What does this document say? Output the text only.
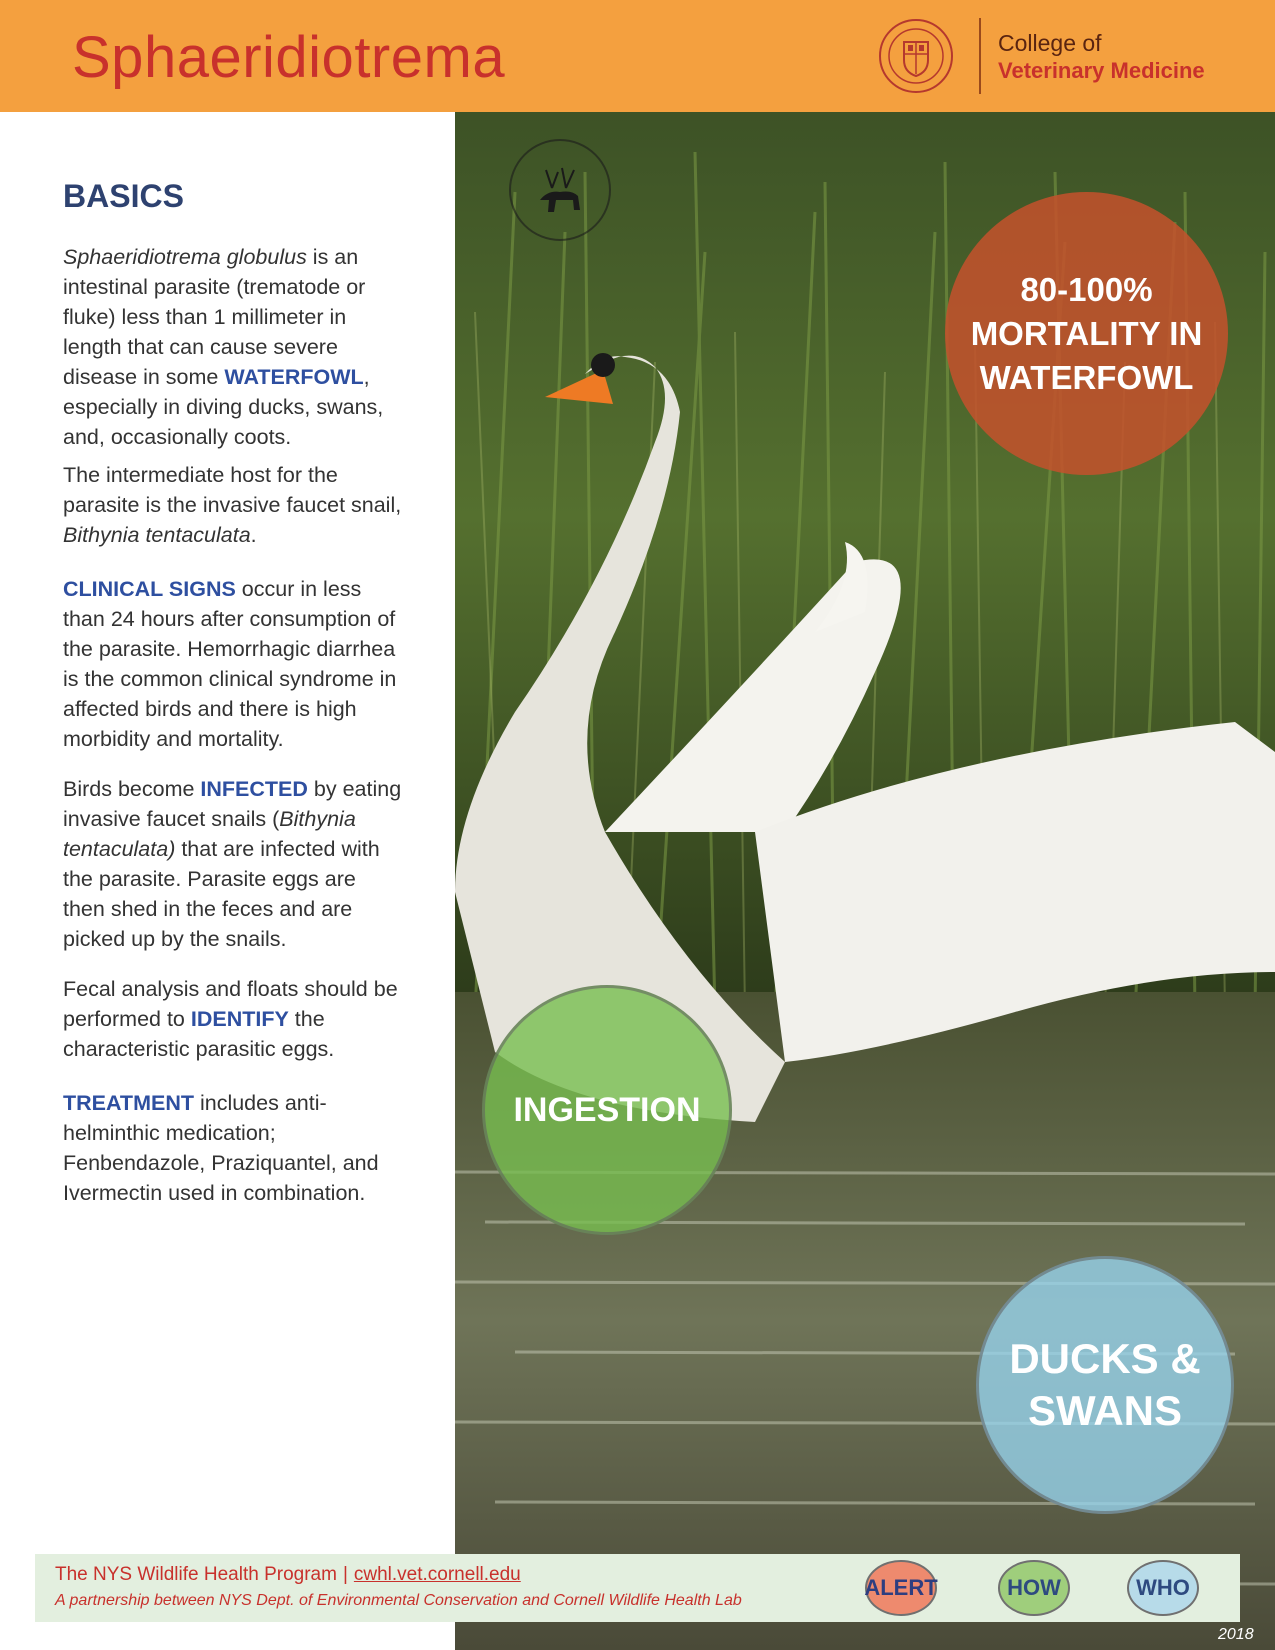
Sphaeridiotrema	College of
Veterinary Medicine
80-100% MORTALITY IN WATERFOWL
INGESTION
DUCKS & SWANS
BASICS

Sphaeridiotrema globulus is an intestinal parasite (trematode or fluke) less than 1 millimeter in length that can cause severe disease in some WATERFOWL, especially in diving ducks, swans, and, occasionally coots.

The intermediate host for the parasite is the invasive faucet snail, Bithynia tentaculata.

CLINICAL SIGNS occur in less than 24 hours after consumption of the parasite. Hemorrhagic diarrhea is the common clinical syndrome in affected birds and there is high morbidity and mortality.

Birds become INFECTED by eating invasive faucet snails (Bithynia tentaculata) that are infected with the parasite. Parasite eggs are then shed in the feces and are picked up by the snails.

Fecal analysis and floats should be performed to IDENTIFY the characteristic parasitic eggs.

TREATMENT includes anti-helminthic medication; Fenbendazole, Praziquantel, and Ivermectin used in combination.

The NYS Wildlife Health Program | cwhl.vet.cornell.edu
A partnership between NYS Dept. of Environmental Conservation and Cornell Wildlife Health Lab
ALERT	HOW	WHO
2018
